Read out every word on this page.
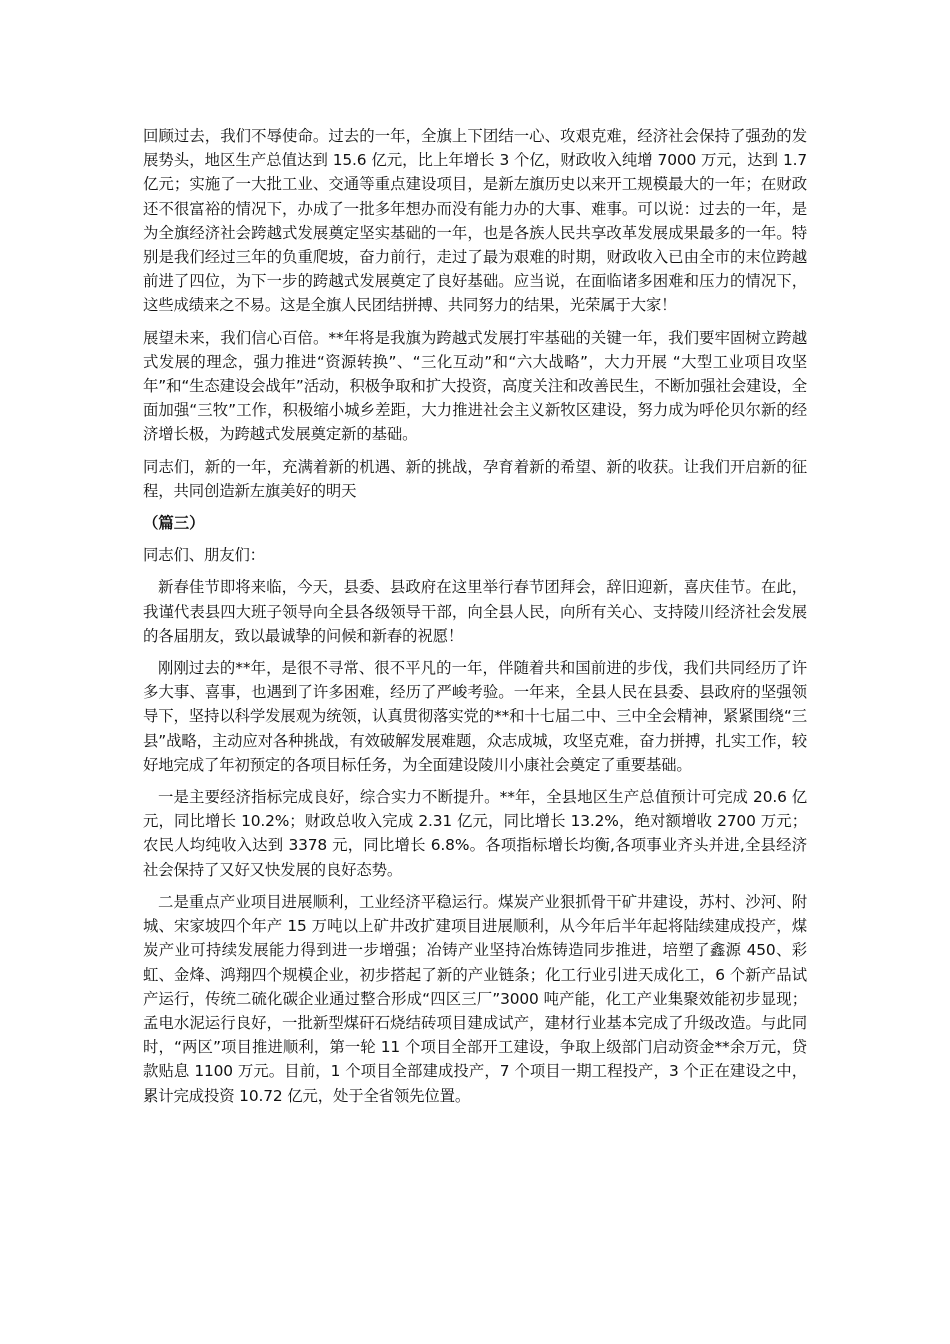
回顾过去，我们不辱使命。过去的一年，全旗上下团结一心、攻艰克难，经济社会保持了强劲的发展势头，地区生产总值达到 15.6 亿元，比上年增长 3 个亿，财政收入纯增 7000 万元，达到 1.7 亿元；实施了一大批工业、交通等重点建设项目，是新左旗历史以来开工规模最大的一年；在财政还不很富裕的情况下，办成了一批多年想办而没有能力办的大事、难事。可以说：过去的一年，是为全旗经济社会跨越式发展奠定坚实基础的一年，也是各族人民共享改革发展成果最多的一年。特别是我们经过三年的负重爬坡，奋力前行，走过了最为艰难的时期，财政收入已由全市的末位跨越前进了四位，为下一步的跨越式发展奠定了良好基础。应当说，在面临诸多困难和压力的情况下，这些成绩来之不易。这是全旗人民团结拼搏、共同努力的结果，光荣属于大家！

展望未来，我们信心百倍。**年将是我旗为跨越式发展打牢基础的关键一年，我们要牢固树立跨越式发展的理念，强力推进“资源转换”、“三化互动”和“六大战略”，大力开展 “大型工业项目攻坚年”和“生态建设会战年”活动，积极争取和扩大投资，高度关注和改善民生，不断加强社会建设，全面加强“三牧”工作，积极缩小城乡差距，大力推进社会主义新牧区建设，努力成为呼伦贝尔新的经济增长极，为跨越式发展奠定新的基础。

同志们，新的一年，充满着新的机遇、新的挑战，孕育着新的希望、新的收获。让我们开启新的征程，共同创造新左旗美好的明天

（篇三）

同志们、朋友们：

新春佳节即将来临，今天，县委、县政府在这里举行春节团拜会，辞旧迎新，喜庆佳节。在此，我谨代表县四大班子领导向全县各级领导干部，向全县人民，向所有关心、支持陵川经济社会发展的各届朋友，致以最诚挚的问候和新春的祝愿！

刚刚过去的**年，是很不寻常、很不平凡的一年，伴随着共和国前进的步伐，我们共同经历了许多大事、喜事，也遇到了许多困难，经历了严峻考验。一年来，全县人民在县委、县政府的坚强领导下，坚持以科学发展观为统领，认真贯彻落实党的**和十七届二中、三中全会精神，紧紧围绕“三县”战略，主动应对各种挑战，有效破解发展难题，众志成城，攻坚克难，奋力拼搏，扎实工作，较好地完成了年初预定的各项目标任务，为全面建设陵川小康社会奠定了重要基础。

一是主要经济指标完成良好，综合实力不断提升。**年，全县地区生产总值预计可完成 20.6 亿元，同比增长 10.2%；财政总收入完成 2.31 亿元，同比增长 13.2%，绝对额增收 2700 万元；农民人均纯收入达到 3378 元，同比增长 6.8%。各项指标增长均衡,各项事业齐头并进,全县经济社会保持了又好又快发展的良好态势。

二是重点产业项目进展顺利，工业经济平稳运行。煤炭产业狠抓骨干矿井建设，苏村、沙河、附城、宋家坡四个年产 15 万吨以上矿井改扩建项目进展顺利，从今年后半年起将陆续建成投产，煤炭产业可持续发展能力得到进一步增强；冶铸产业坚持冶炼铸造同步推进，培塑了鑫源 450、彩虹、金烽、鸿翔四个规模企业，初步搭起了新的产业链条；化工行业引进天成化工，6 个新产品试产运行，传统二硫化碳企业通过整合形成“四区三厂”3000 吨产能，化工产业集聚效能初步显现；孟电水泥运行良好，一批新型煤矸石烧结砖项目建成试产，建材行业基本完成了升级改造。与此同时，“两区”项目推进顺利，第一轮 11 个项目全部开工建设，争取上级部门启动资金**余万元，贷款贴息 1100 万元。目前，1 个项目全部建成投产，7 个项目一期工程投产，3 个正在建设之中，累计完成投资 10.72 亿元，处于全省领先位置。
